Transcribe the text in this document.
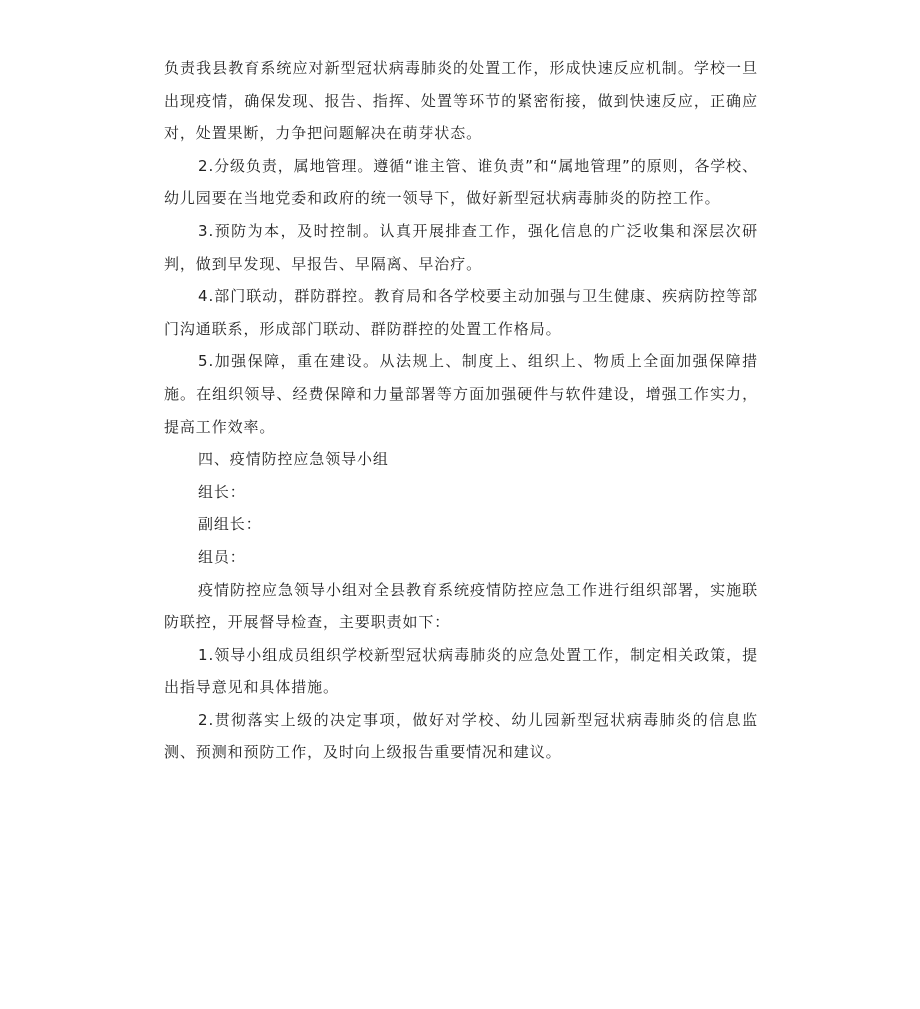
负责我县教育系统应对新型冠状病毒肺炎的处置工作，形成快速反应机制。学校一旦出现疫情，确保发现、报告、指挥、处置等环节的紧密衔接，做到快速反应，正确应对，处置果断，力争把问题解决在萌芽状态。

2.分级负责，属地管理。遵循“谁主管、谁负责”和“属地管理”的原则，各学校、幼儿园要在当地党委和政府的统一领导下，做好新型冠状病毒肺炎的防控工作。

3.预防为本，及时控制。认真开展排查工作，强化信息的广泛收集和深层次研判，做到早发现、早报告、早隔离、早治疗。

4.部门联动，群防群控。教育局和各学校要主动加强与卫生健康、疾病防控等部门沟通联系，形成部门联动、群防群控的处置工作格局。

5.加强保障，重在建设。从法规上、制度上、组织上、物质上全面加强保障措施。在组织领导、经费保障和力量部署等方面加强硬件与软件建设，增强工作实力，提高工作效率。

四、疫情防控应急领导小组

组长：

副组长：

组员：

疫情防控应急领导小组对全县教育系统疫情防控应急工作进行组织部署，实施联防联控，开展督导检查，主要职责如下：

1.领导小组成员组织学校新型冠状病毒肺炎的应急处置工作，制定相关政策，提出指导意见和具体措施。

2.贯彻落实上级的决定事项，做好对学校、幼儿园新型冠状病毒肺炎的信息监测、预测和预防工作，及时向上级报告重要情况和建议。
